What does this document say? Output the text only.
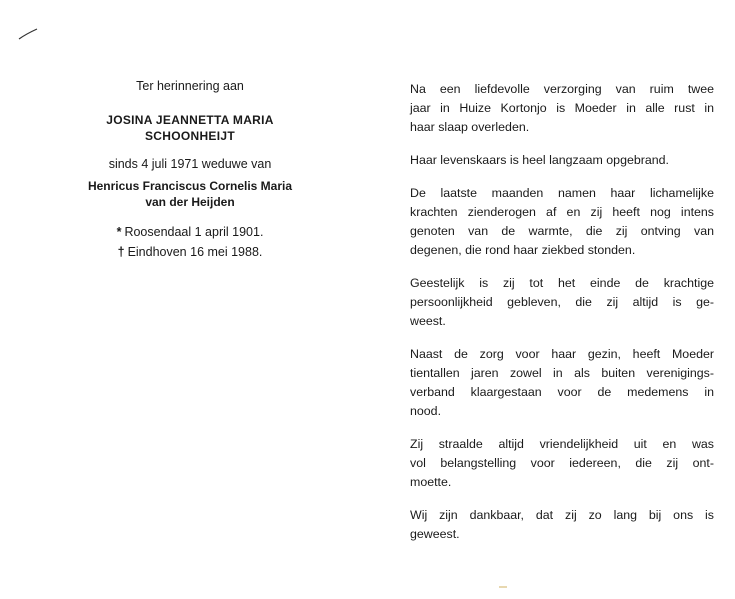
Ter herinnering aan
JOSINA JEANNETTA MARIA
SCHOONHEIJT
sinds 4 juli 1971 weduwe van
Henricus Franciscus Cornelis Maria
van der Heijden
* Roosendaal 1 april 1901.
† Eindhoven 16 mei 1988.
Na een liefdevolle verzorging van ruim twee
jaar in Huize Kortonjo is Moeder in alle rust in
haar slaap overleden.
Haar levenskaars is heel langzaam opgebrand.
De laatste maanden namen haar lichamelijke
krachten zienderogen af en zij heeft nog intens
genoten van de warmte, die zij ontving van
degenen, die rond haar ziekbed stonden.
Geestelijk is zij tot het einde de krachtige
persoonlijkheid gebleven, die zij altijd is ge-
weest.
Naast de zorg voor haar gezin, heeft Moeder
tientallen jaren zowel in als buiten verenigings-
verband klaargestaan voor de medemens in
nood.
Zij straalde altijd vriendelijkheid uit en was
vol belangstelling voor iedereen, die zij ont-
moette.
Wij zijn dankbaar, dat zij zo lang bij ons is
geweest.
